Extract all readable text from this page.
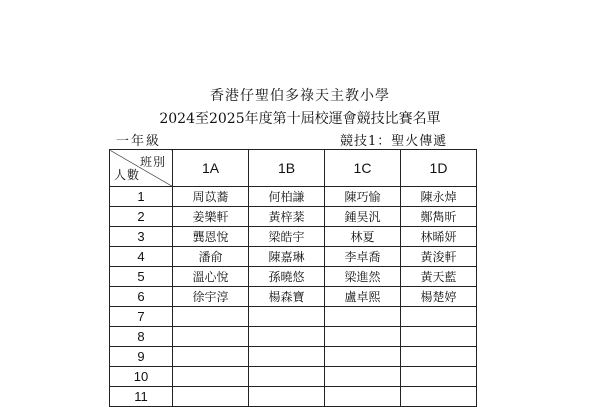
香港仔聖伯多祿天主教小學
2024至2025年度第十屆校運會競技比賽名單
一年級	競技1：聖火傳遞
班別
人數	1A	1B	1C	1D
1	周苡蕎	何柏謙	陳巧愉	陳永焯
2	姜樂軒	黃梓棻	鍾昊汎	鄭雋昕
3	龔恩悅	梁皓宇	林夏	林晞妍
4	潘俞	陳嘉琳	李卓喬	黃浚軒
5	溫心悅	孫曉悠	梁進然	黃天藍
6	徐宇淳	楊森寶	盧卓熙	楊楚婷
7				
8				
9				
10				
11				
